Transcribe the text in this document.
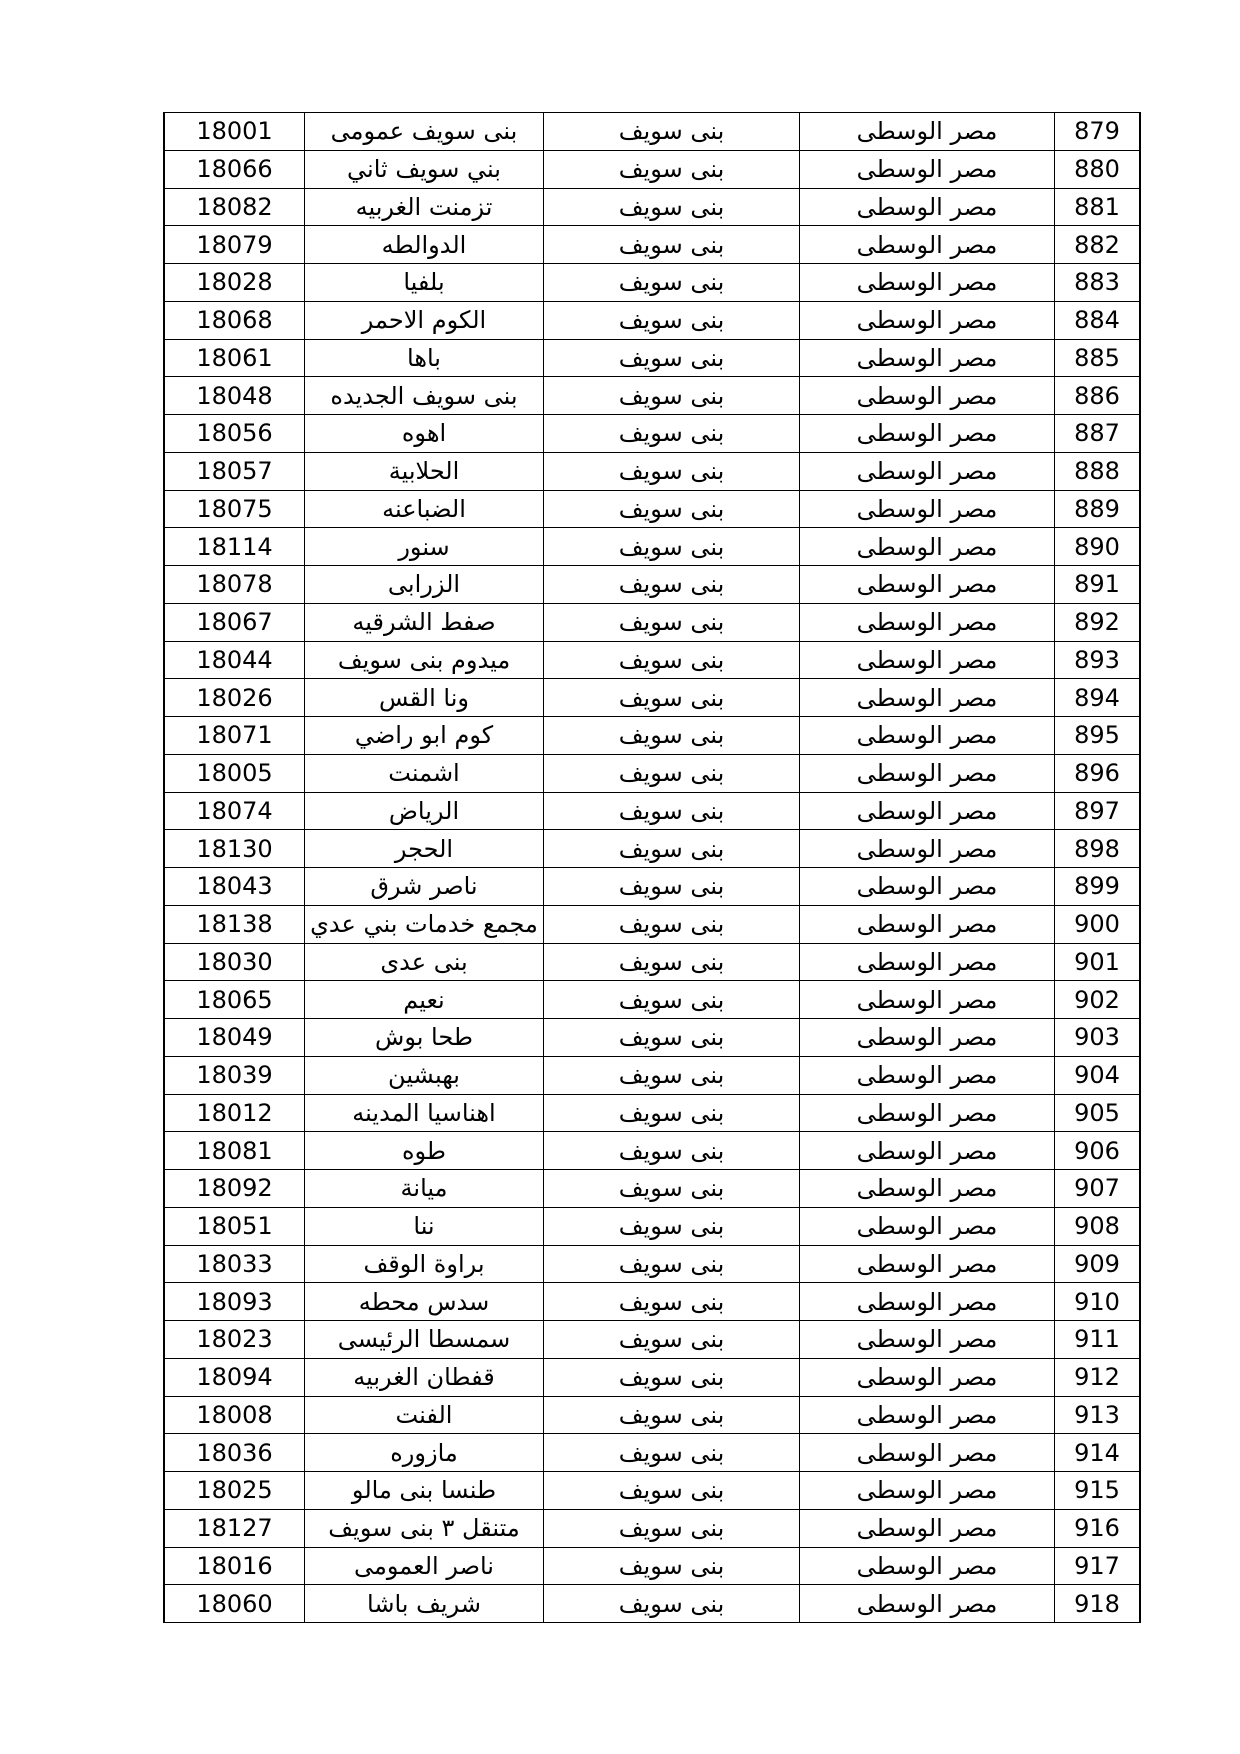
18001	بنى سويف عمومى	بنى سويف	مصر الوسطى	879
18066	بني سويف ثاني	بنى سويف	مصر الوسطى	880
18082	تزمنت الغربيه	بنى سويف	مصر الوسطى	881
18079	الدوالطه	بنى سويف	مصر الوسطى	882
18028	بلفيا	بنى سويف	مصر الوسطى	883
18068	الكوم الاحمر	بنى سويف	مصر الوسطى	884
18061	باها	بنى سويف	مصر الوسطى	885
18048	بنى سويف الجديده	بنى سويف	مصر الوسطى	886
18056	اهوه	بنى سويف	مصر الوسطى	887
18057	الحلابية	بنى سويف	مصر الوسطى	888
18075	الضباعنه	بنى سويف	مصر الوسطى	889
18114	سنور	بنى سويف	مصر الوسطى	890
18078	الزرابى	بنى سويف	مصر الوسطى	891
18067	صفط الشرقيه	بنى سويف	مصر الوسطى	892
18044	ميدوم بنى سويف	بنى سويف	مصر الوسطى	893
18026	ونا القس	بنى سويف	مصر الوسطى	894
18071	كوم ابو راضي	بنى سويف	مصر الوسطى	895
18005	اشمنت	بنى سويف	مصر الوسطى	896
18074	الرياض	بنى سويف	مصر الوسطى	897
18130	الحجر	بنى سويف	مصر الوسطى	898
18043	ناصر شرق	بنى سويف	مصر الوسطى	899
18138	مجمع خدمات بني عدي	بنى سويف	مصر الوسطى	900
18030	بنى عدى	بنى سويف	مصر الوسطى	901
18065	نعيم	بنى سويف	مصر الوسطى	902
18049	طحا بوش	بنى سويف	مصر الوسطى	903
18039	بهبشين	بنى سويف	مصر الوسطى	904
18012	اهناسيا المدينه	بنى سويف	مصر الوسطى	905
18081	طوه	بنى سويف	مصر الوسطى	906
18092	ميانة	بنى سويف	مصر الوسطى	907
18051	ننا	بنى سويف	مصر الوسطى	908
18033	براوة الوقف	بنى سويف	مصر الوسطى	909
18093	سدس محطه	بنى سويف	مصر الوسطى	910
18023	سمسطا الرئيسى	بنى سويف	مصر الوسطى	911
18094	قفطان الغربيه	بنى سويف	مصر الوسطى	912
18008	الفنت	بنى سويف	مصر الوسطى	913
18036	مازوره	بنى سويف	مصر الوسطى	914
18025	طنسا بنى مالو	بنى سويف	مصر الوسطى	915
18127	متنقل ٣ بنى سويف	بنى سويف	مصر الوسطى	916
18016	ناصر العمومى	بنى سويف	مصر الوسطى	917
18060	شريف باشا	بنى سويف	مصر الوسطى	918
